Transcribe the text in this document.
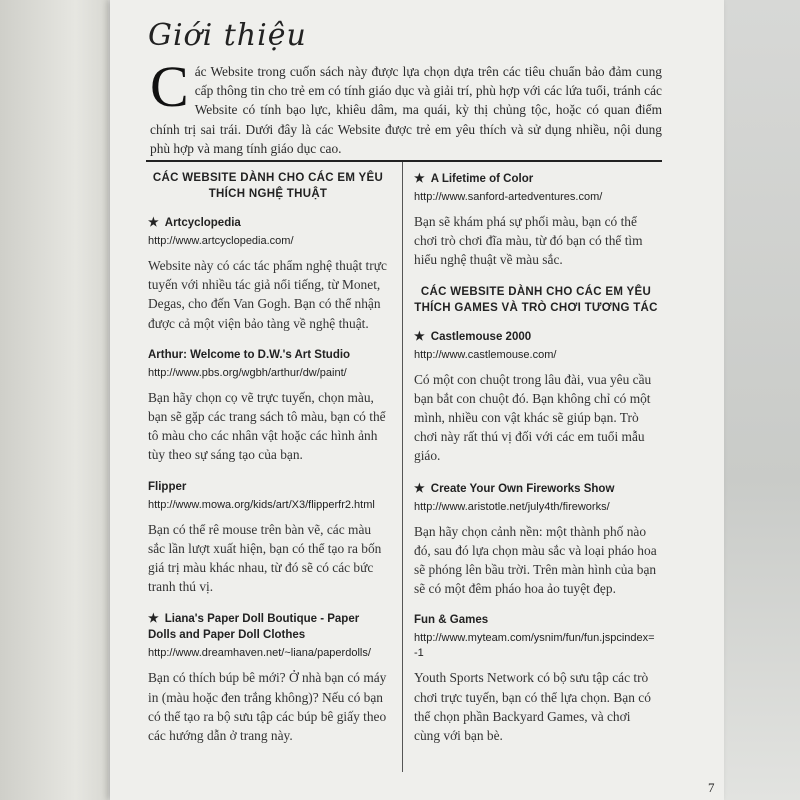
Giới thiệu
Các Website trong cuốn sách này được lựa chọn dựa trên các tiêu chuẩn bảo đảm cung cấp thông tin cho trẻ em có tính giáo dục và giải trí, phù hợp với các lứa tuổi, tránh các Website có tính bạo lực, khiêu dâm, ma quái, kỳ thị chủng tộc, hoặc có quan điểm chính trị sai trái. Dưới đây là các Website được trẻ em yêu thích và sử dụng nhiều, nội dung phù hợp và mang tính giáo dục cao.
CÁC WEBSITE DÀNH CHO CÁC EM YÊU THÍCH NGHỆ THUẬT
★ Artcyclopedia
http://www.artcyclopedia.com/
Website này có các tác phẩm nghệ thuật trực tuyến với nhiều tác giả nổi tiếng, từ Monet, Degas, cho đến Van Gogh. Bạn có thể nhận được cả một viện bảo tàng về nghệ thuật.
Arthur: Welcome to D.W.'s Art Studio
http://www.pbs.org/wgbh/arthur/dw/paint/
Bạn hãy chọn cọ vẽ trực tuyến, chọn màu, bạn sẽ gặp các trang sách tô màu, bạn có thể tô màu cho các nhân vật hoặc các hình ảnh tùy theo sự sáng tạo của bạn.
Flipper
http://www.mowa.org/kids/art/X3/flipperfr2.html
Bạn có thể rê mouse trên bàn vẽ, các màu sắc lần lượt xuất hiện, bạn có thể tạo ra bốn giá trị màu khác nhau, từ đó sẽ có các bức tranh thú vị.
★ Liana's Paper Doll Boutique - Paper Dolls and Paper Doll Clothes
http://www.dreamhaven.net/~liana/paperdolls/
Bạn có thích búp bê mới? Ở nhà bạn có máy in (màu hoặc đen trắng không)? Nếu có bạn có thể tạo ra bộ sưu tập các búp bê giấy theo các hướng dẫn ở trang này.
★ A Lifetime of Color
http://www.sanford-artedventures.com/
Bạn sẽ khám phá sự phối màu, bạn có thể chơi trò chơi đĩa màu, từ đó bạn có thể tìm hiểu nghệ thuật về màu sắc.
CÁC WEBSITE DÀNH CHO CÁC EM YÊU THÍCH GAMES VÀ TRÒ CHƠI TƯƠNG TÁC
★ Castlemouse 2000
http://www.castlemouse.com/
Có một con chuột trong lâu đài, vua yêu cầu bạn bắt con chuột đó. Bạn không chỉ có một mình, nhiều con vật khác sẽ giúp bạn. Trò chơi này rất thú vị đối với các em tuổi mẫu giáo.
★ Create Your Own Fireworks Show
http://www.aristotle.net/july4th/fireworks/
Bạn hãy chọn cảnh nền: một thành phố nào đó, sau đó lựa chọn màu sắc và loại pháo hoa sẽ phóng lên bầu trời. Trên màn hình của bạn sẽ có một đêm pháo hoa ảo tuyệt đẹp.
Fun & Games
http://www.myteam.com/ysnim/fun/fun.jspcindex=-1
Youth Sports Network có bộ sưu tập các trò chơi trực tuyến, bạn có thể lựa chọn. Bạn có thể chọn phần Backyard Games, và chơi cùng với bạn bè.
7
